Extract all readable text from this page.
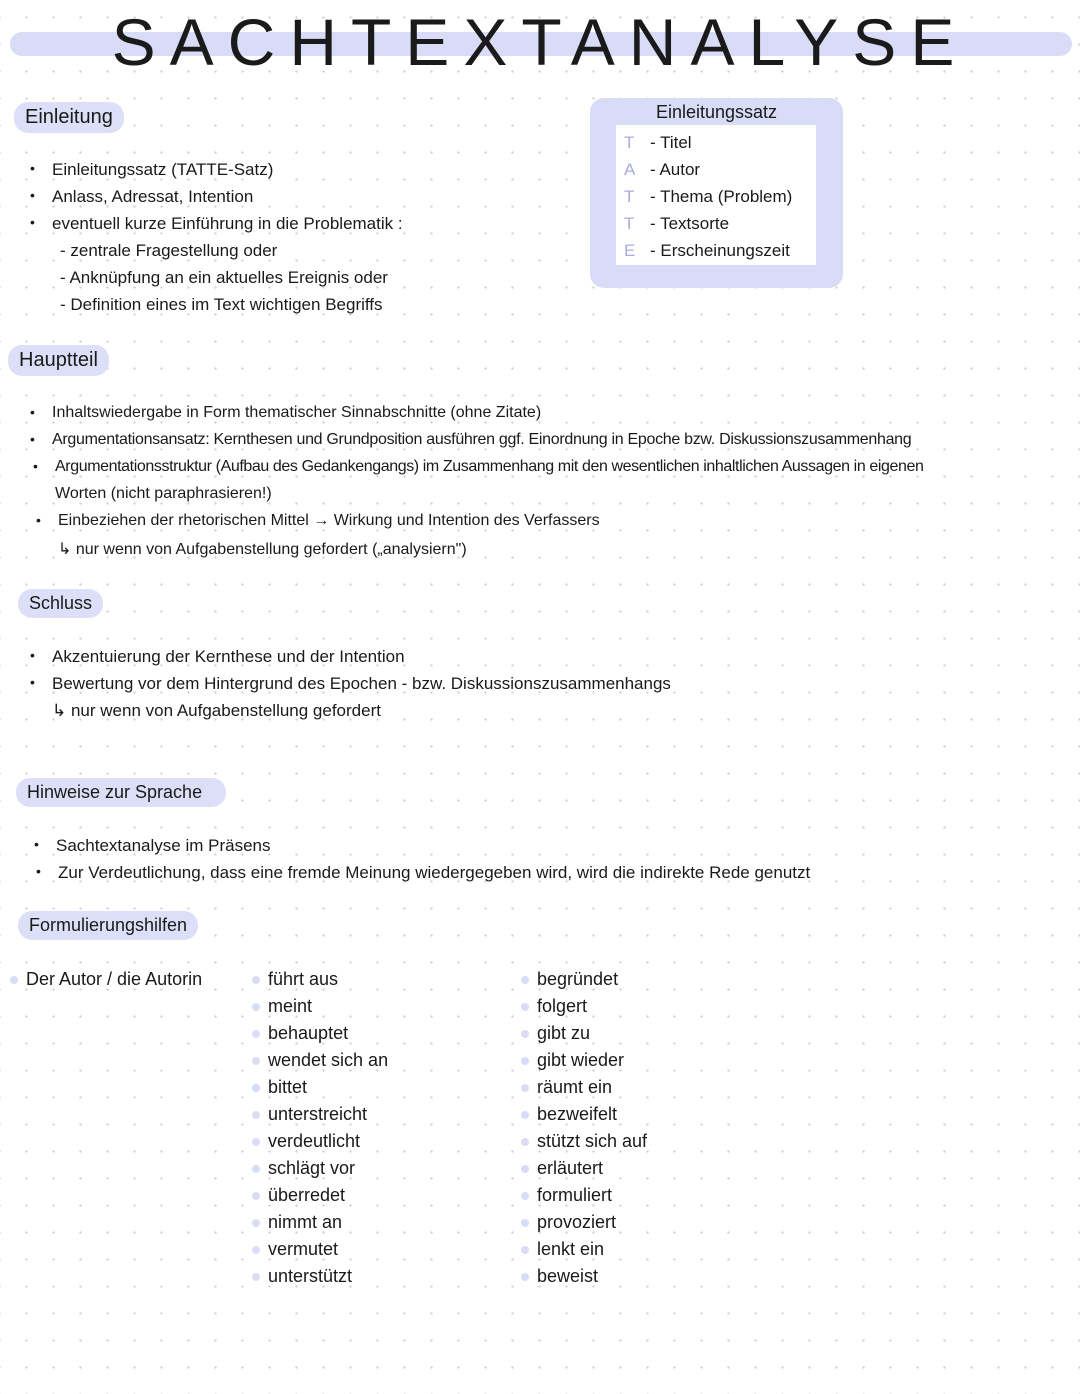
SACHTEXTANALYSE
Einleitung
• Einleitungssatz (TATTE-Satz)
• Anlass, Adressat, Intention
• eventuell kurze Einführung in die Problematik :
- zentrale Fragestellung oder
- Anknüpfung an ein aktuelles Ereignis oder
- Definition eines im Text wichtigen Begriffs
Einleitungssatz
T - Titel
A - Autor
T - Thema (Problem)
T - Textsorte
E - Erscheinungszeit
Hauptteil
• Inhaltswiedergabe in Form thematischer Sinnabschnitte (ohne Zitate)
• Argumentationsansatz: Kernthesen und Grundposition ausführen ggf. Einordnung in Epoche bzw. Diskussionszusammenhang
• Argumentationsstruktur (Aufbau des Gedankengangs) im Zusammenhang mit den wesentlichen inhaltlichen Aussagen in eigenen
Worten (nicht paraphrasieren!)
• Einbeziehen der rhetorischen Mittel → Wirkung und Intention des Verfassers
↳ nur wenn von Aufgabenstellung gefordert („analysiern")
Schluss
• Akzentuierung der Kernthese und der Intention
• Bewertung vor dem Hintergrund des Epochen - bzw. Diskussionszusammenhangs
↳ nur wenn von Aufgabenstellung gefordert
Hinweise zur Sprache
• Sachtextanalyse im Präsens
• Zur Verdeutlichung, dass eine fremde Meinung wiedergegeben wird, wird die indirekte Rede genutzt
Formulierungshilfen
Der Autor / die Autorin	führt aus
meint
behauptet
wendet sich an
bittet
unterstreicht
verdeutlicht
schlägt vor
überredet
nimmt an
vermutet
unterstützt
begründet
folgert
gibt zu
gibt wieder
räumt ein
bezweifelt
stützt sich auf
erläutert
formuliert
provoziert
lenkt ein
beweist
